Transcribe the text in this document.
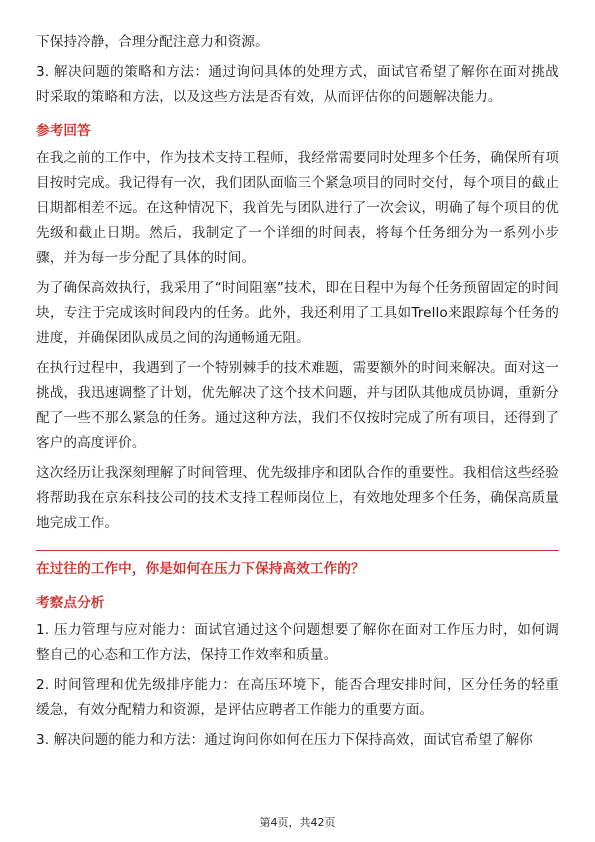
下保持冷静，合理分配注意力和资源。

3. 解决问题的策略和方法：通过询问具体的处理方式，面试官希望了解你在面对挑战时采取的策略和方法，以及这些方法是否有效，从而评估你的问题解决能力。

参考回答

在我之前的工作中，作为技术支持工程师，我经常需要同时处理多个任务，确保所有项目按时完成。我记得有一次，我们团队面临三个紧急项目的同时交付，每个项目的截止日期都相差不远。在这种情况下，我首先与团队进行了一次会议，明确了每个项目的优先级和截止日期。然后，我制定了一个详细的时间表，将每个任务细分为一系列小步骤，并为每一步分配了具体的时间。

为了确保高效执行，我采用了“时间阻塞”技术，即在日程中为每个任务预留固定的时间块，专注于完成该时间段内的任务。此外，我还利用了工具如Trello来跟踪每个任务的进度，并确保团队成员之间的沟通畅通无阻。

在执行过程中，我遇到了一个特别棘手的技术难题，需要额外的时间来解决。面对这一挑战，我迅速调整了计划，优先解决了这个技术问题，并与团队其他成员协调，重新分配了一些不那么紧急的任务。通过这种方法，我们不仅按时完成了所有项目，还得到了客户的高度评价。

这次经历让我深刻理解了时间管理、优先级排序和团队合作的重要性。我相信这些经验将帮助我在京东科技公司的技术支持工程师岗位上，有效地处理多个任务，确保高质量地完成工作。

在过往的工作中，你是如何在压力下保持高效工作的？
考察点分析

1. 压力管理与应对能力：面试官通过这个问题想要了解你在面对工作压力时，如何调整自己的心态和工作方法，保持工作效率和质量。

2. 时间管理和优先级排序能力：在高压环境下，能否合理安排时间，区分任务的轻重缓急，有效分配精力和资源，是评估应聘者工作能力的重要方面。

3. 解决问题的能力和方法：通过询问你如何在压力下保持高效，面试官希望了解你

第4页，共42页
